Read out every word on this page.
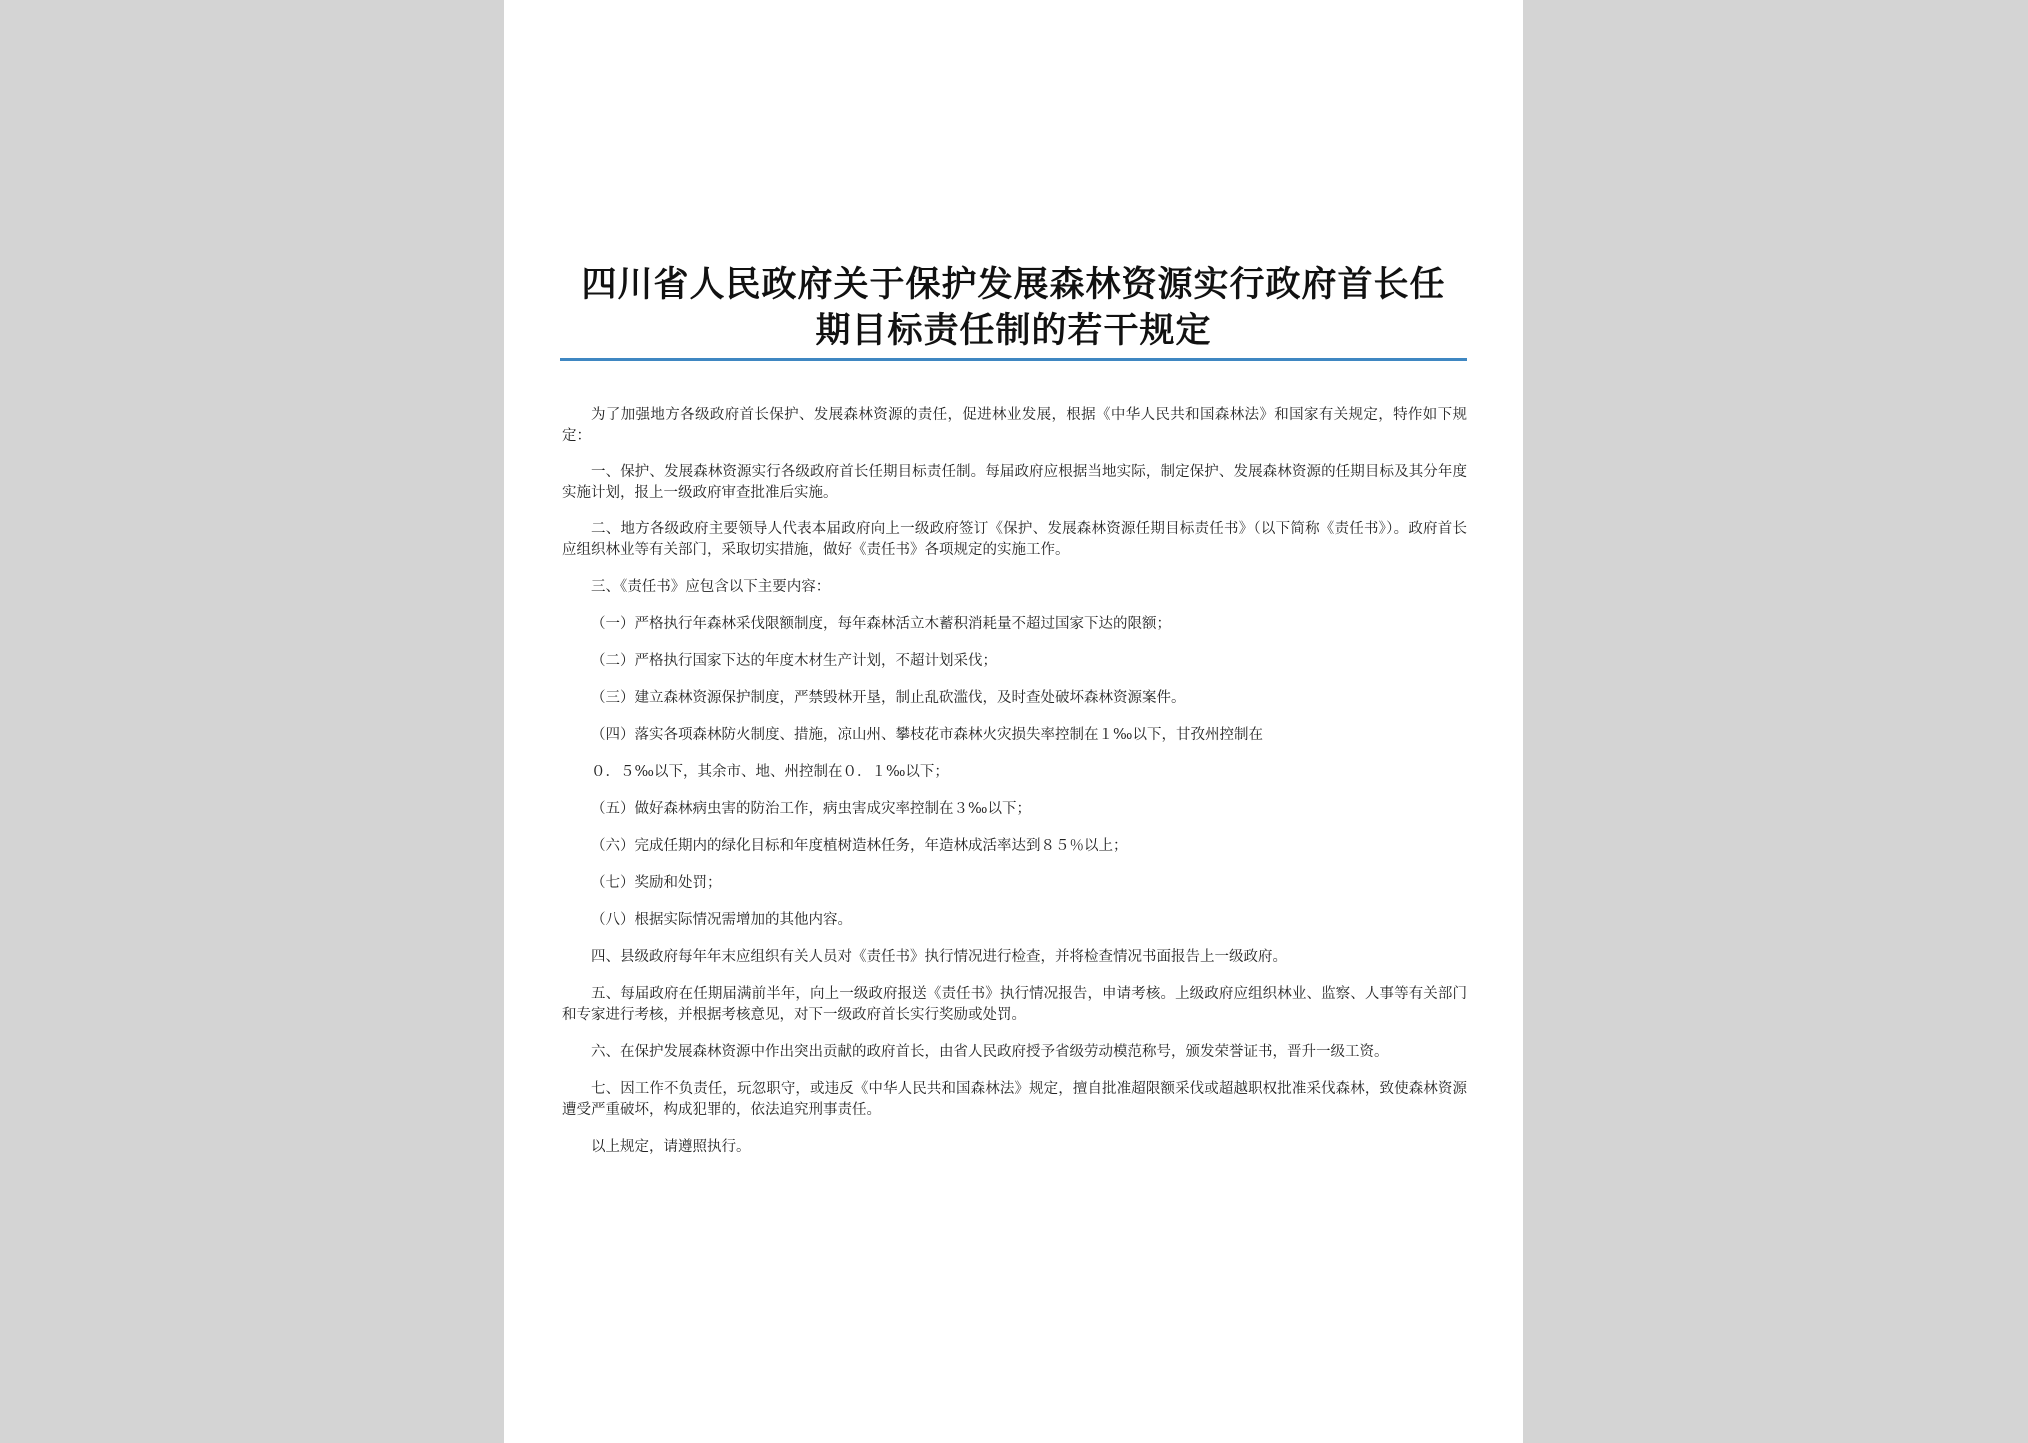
四川省人民政府关于保护发展森林资源实行政府首长任
期目标责任制的若干规定

为了加强地方各级政府首长保护、发展森林资源的责任，促进林业发展，根据《中华人民共和国森林法》和国家有关规定，特作如下规定：

一、保护、发展森林资源实行各级政府首长任期目标责任制。每届政府应根据当地实际，制定保护、发展森林资源的任期目标及其分年度实施计划，报上一级政府审查批准后实施。

二、地方各级政府主要领导人代表本届政府向上一级政府签订《保护、发展森林资源任期目标责任书》（以下简称《责任书》）。政府首长应组织林业等有关部门，采取切实措施，做好《责任书》各项规定的实施工作。

三、《责任书》应包含以下主要内容：

（一）严格执行年森林采伐限额制度，每年森林活立木蓄积消耗量不超过国家下达的限额；

（二）严格执行国家下达的年度木材生产计划，不超计划采伐；

（三）建立森林资源保护制度，严禁毁林开垦，制止乱砍滥伐，及时查处破坏森林资源案件。

（四）落实各项森林防火制度、措施，凉山州、攀枝花市森林火灾损失率控制在１‰以下，甘孜州控制在

０．５‰以下，其余市、地、州控制在０．１‰以下；

（五）做好森林病虫害的防治工作，病虫害成灾率控制在３‰以下；

（六）完成任期内的绿化目标和年度植树造林任务，年造林成活率达到８５％以上；

（七）奖励和处罚；

（八）根据实际情况需增加的其他内容。

四、县级政府每年年末应组织有关人员对《责任书》执行情况进行检查，并将检查情况书面报告上一级政府。

五、每届政府在任期届满前半年，向上一级政府报送《责任书》执行情况报告，申请考核。上级政府应组织林业、监察、人事等有关部门和专家进行考核，并根据考核意见，对下一级政府首长实行奖励或处罚。

六、在保护发展森林资源中作出突出贡献的政府首长，由省人民政府授予省级劳动模范称号，颁发荣誉证书，晋升一级工资。

七、因工作不负责任，玩忽职守，或违反《中华人民共和国森林法》规定，擅自批准超限额采伐或超越职权批准采伐森林，致使森林资源遭受严重破坏，构成犯罪的，依法追究刑事责任。

以上规定，请遵照执行。
